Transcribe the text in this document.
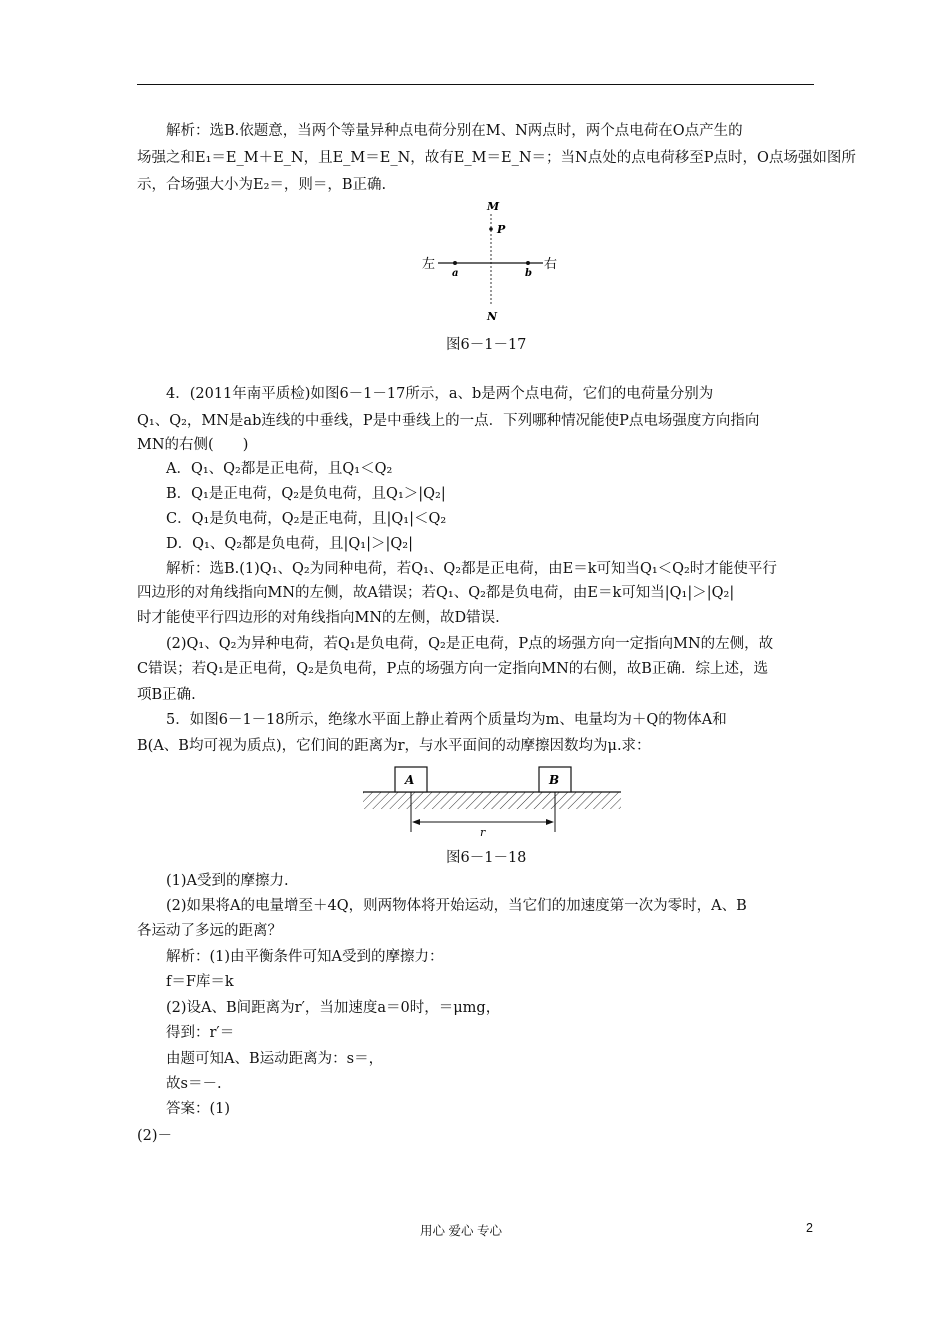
解析：选B.依题意，当两个等量异种点电荷分别在M、N两点时，两个点电荷在O点产生的
场强之和E₁＝E_M＋E_N，且E_M＝E_N，故有E_M＝E_N＝；当N点处的点电荷移至P点时，O点场强如图所
示，合场强大小为E₂＝，则＝，B正确.
M
P
N
左	右
a	b
图6－1－17
4．(2011年南平质检)如图6－1－17所示，a、b是两个点电荷，它们的电荷量分别为
Q₁、Q₂，MN是ab连线的中垂线，P是中垂线上的一点．下列哪种情况能使P点电场强度方向指向
MN的右侧(　　)
A．Q₁、Q₂都是正电荷，且Q₁＜Q₂
B．Q₁是正电荷，Q₂是负电荷，且Q₁＞|Q₂|
C．Q₁是负电荷，Q₂是正电荷，且|Q₁|＜Q₂
D．Q₁、Q₂都是负电荷，且|Q₁|＞|Q₂|
解析：选B.(1)Q₁、Q₂为同种电荷，若Q₁、Q₂都是正电荷，由E＝k可知当Q₁＜Q₂时才能使平行
四边形的对角线指向MN的左侧，故A错误；若Q₁、Q₂都是负电荷，由E＝k可知当|Q₁|＞|Q₂|
时才能使平行四边形的对角线指向MN的左侧，故D错误.
(2)Q₁、Q₂为异种电荷，若Q₁是负电荷，Q₂是正电荷，P点的场强方向一定指向MN的左侧，故
C错误；若Q₁是正电荷，Q₂是负电荷，P点的场强方向一定指向MN的右侧，故B正确．综上述，选
项B正确.
5．如图6－1－18所示，绝缘水平面上静止着两个质量均为m、电量均为＋Q的物体A和
B(A、B均可视为质点)，它们间的距离为r，与水平面间的动摩擦因数均为μ.求：
A	B
r
图6－1－18
(1)A受到的摩擦力.
(2)如果将A的电量增至＋4Q，则两物体将开始运动，当它们的加速度第一次为零时，A、B
各运动了多远的距离？
解析：(1)由平衡条件可知A受到的摩擦力：
f＝F库＝k
(2)设A、B间距离为r′，当加速度a＝0时，＝μmg，
得到：r′＝
由题可知A、B运动距离为：s＝，
故s＝－.
答案：(1)
(2)－
用心 爱心 专心	2
